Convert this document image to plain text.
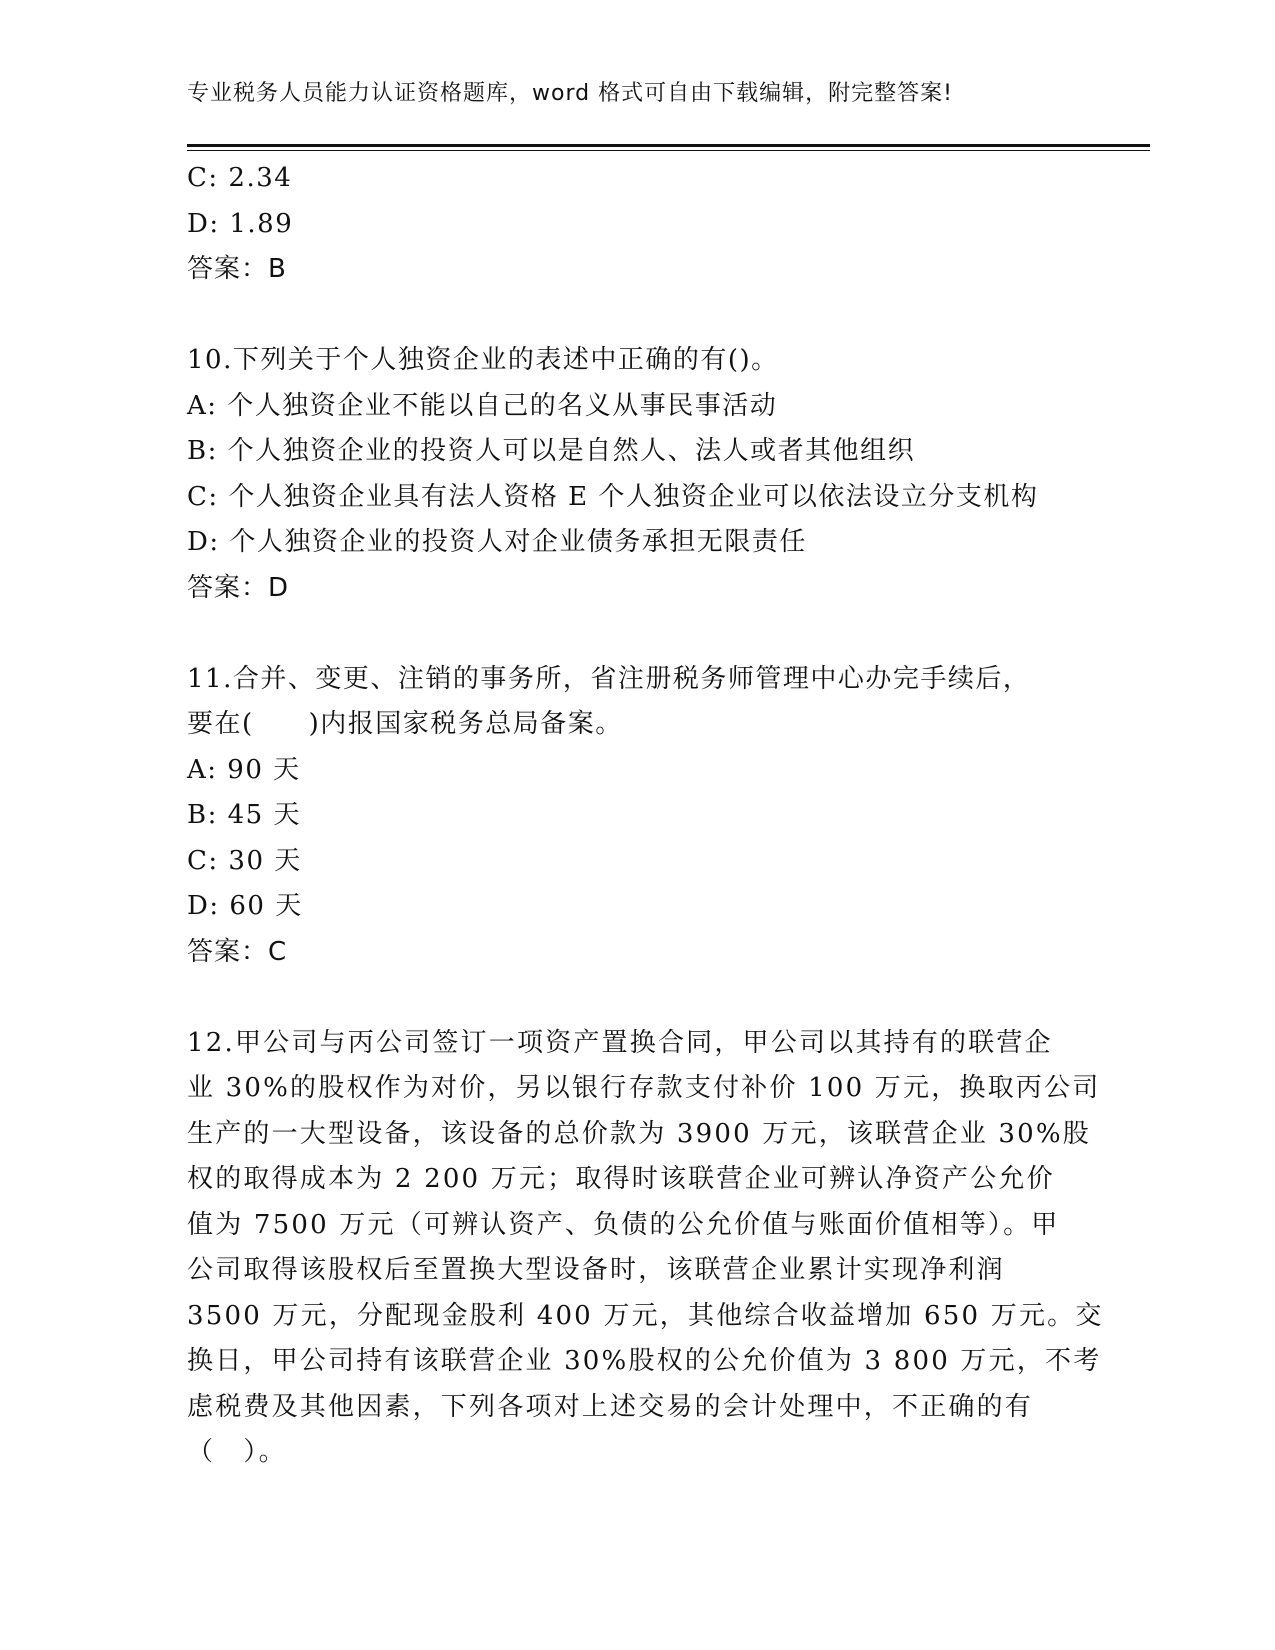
专业税务人员能力认证资格题库，word 格式可自由下载编辑，附完整答案!
C: 2.34
D: 1.89
答案：B
10.下列关于个人独资企业的表述中正确的有()。
A: 个人独资企业不能以自己的名义从事民事活动
B: 个人独资企业的投资人可以是自然人、法人或者其他组织
C: 个人独资企业具有法人资格 E 个人独资企业可以依法设立分支机构
D: 个人独资企业的投资人对企业债务承担无限责任
答案：D
11.合并、变更、注销的事务所，省注册税务师管理中心办完手续后，
要在(　　)内报国家税务总局备案。
A: 90 天
B: 45 天
C: 30 天
D: 60 天
答案：C
12.甲公司与丙公司签订一项资产置换合同，甲公司以其持有的联营企
业 30%的股权作为对价，另以银行存款支付补价 100 万元，换取丙公司
生产的一大型设备，该设备的总价款为 3900 万元，该联营企业 30%股
权的取得成本为 2 200 万元；取得时该联营企业可辨认净资产公允价
值为 7500 万元（可辨认资产、负债的公允价值与账面价值相等）。甲
公司取得该股权后至置换大型设备时，该联营企业累计实现净利润
3500 万元，分配现金股利 400 万元，其他综合收益增加 650 万元。交
换日，甲公司持有该联营企业 30%股权的公允价值为 3 800 万元，不考
虑税费及其他因素，下列各项对上述交易的会计处理中，不正确的有
（　）。
